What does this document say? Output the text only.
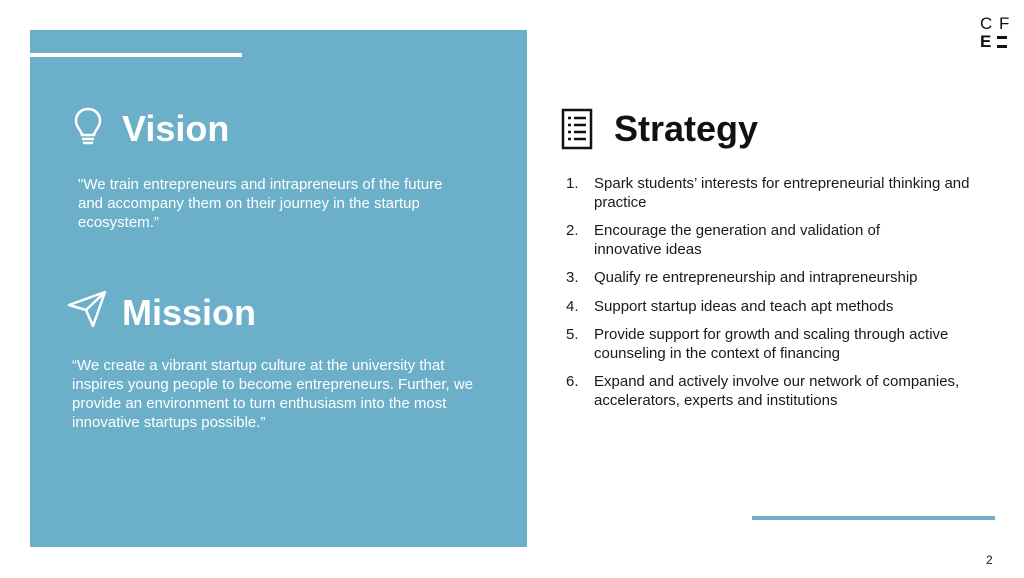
Vision

"We train entrepreneurs and intrapreneurs of the future and accompany them on their journey in the startup ecosystem.”

Mission

“We create a vibrant startup culture at the university that inspires young people to become entrepreneurs. Further, we provide an environment to turn enthusiasm into the most innovative startups possible.”

Strategy
1.	Spark students’ interests for entrepreneurial thinking and practice
2.	Encourage the generation and validation of innovative ideas
3.	Qualify re entrepreneurship and intrapreneurship
4.	Support startup ideas and teach apt methods
5.	Provide support for growth and scaling through active counseling in the context of financing
6.	Expand and actively involve our network of companies, accelerators, experts and institutions
C F
E
2
